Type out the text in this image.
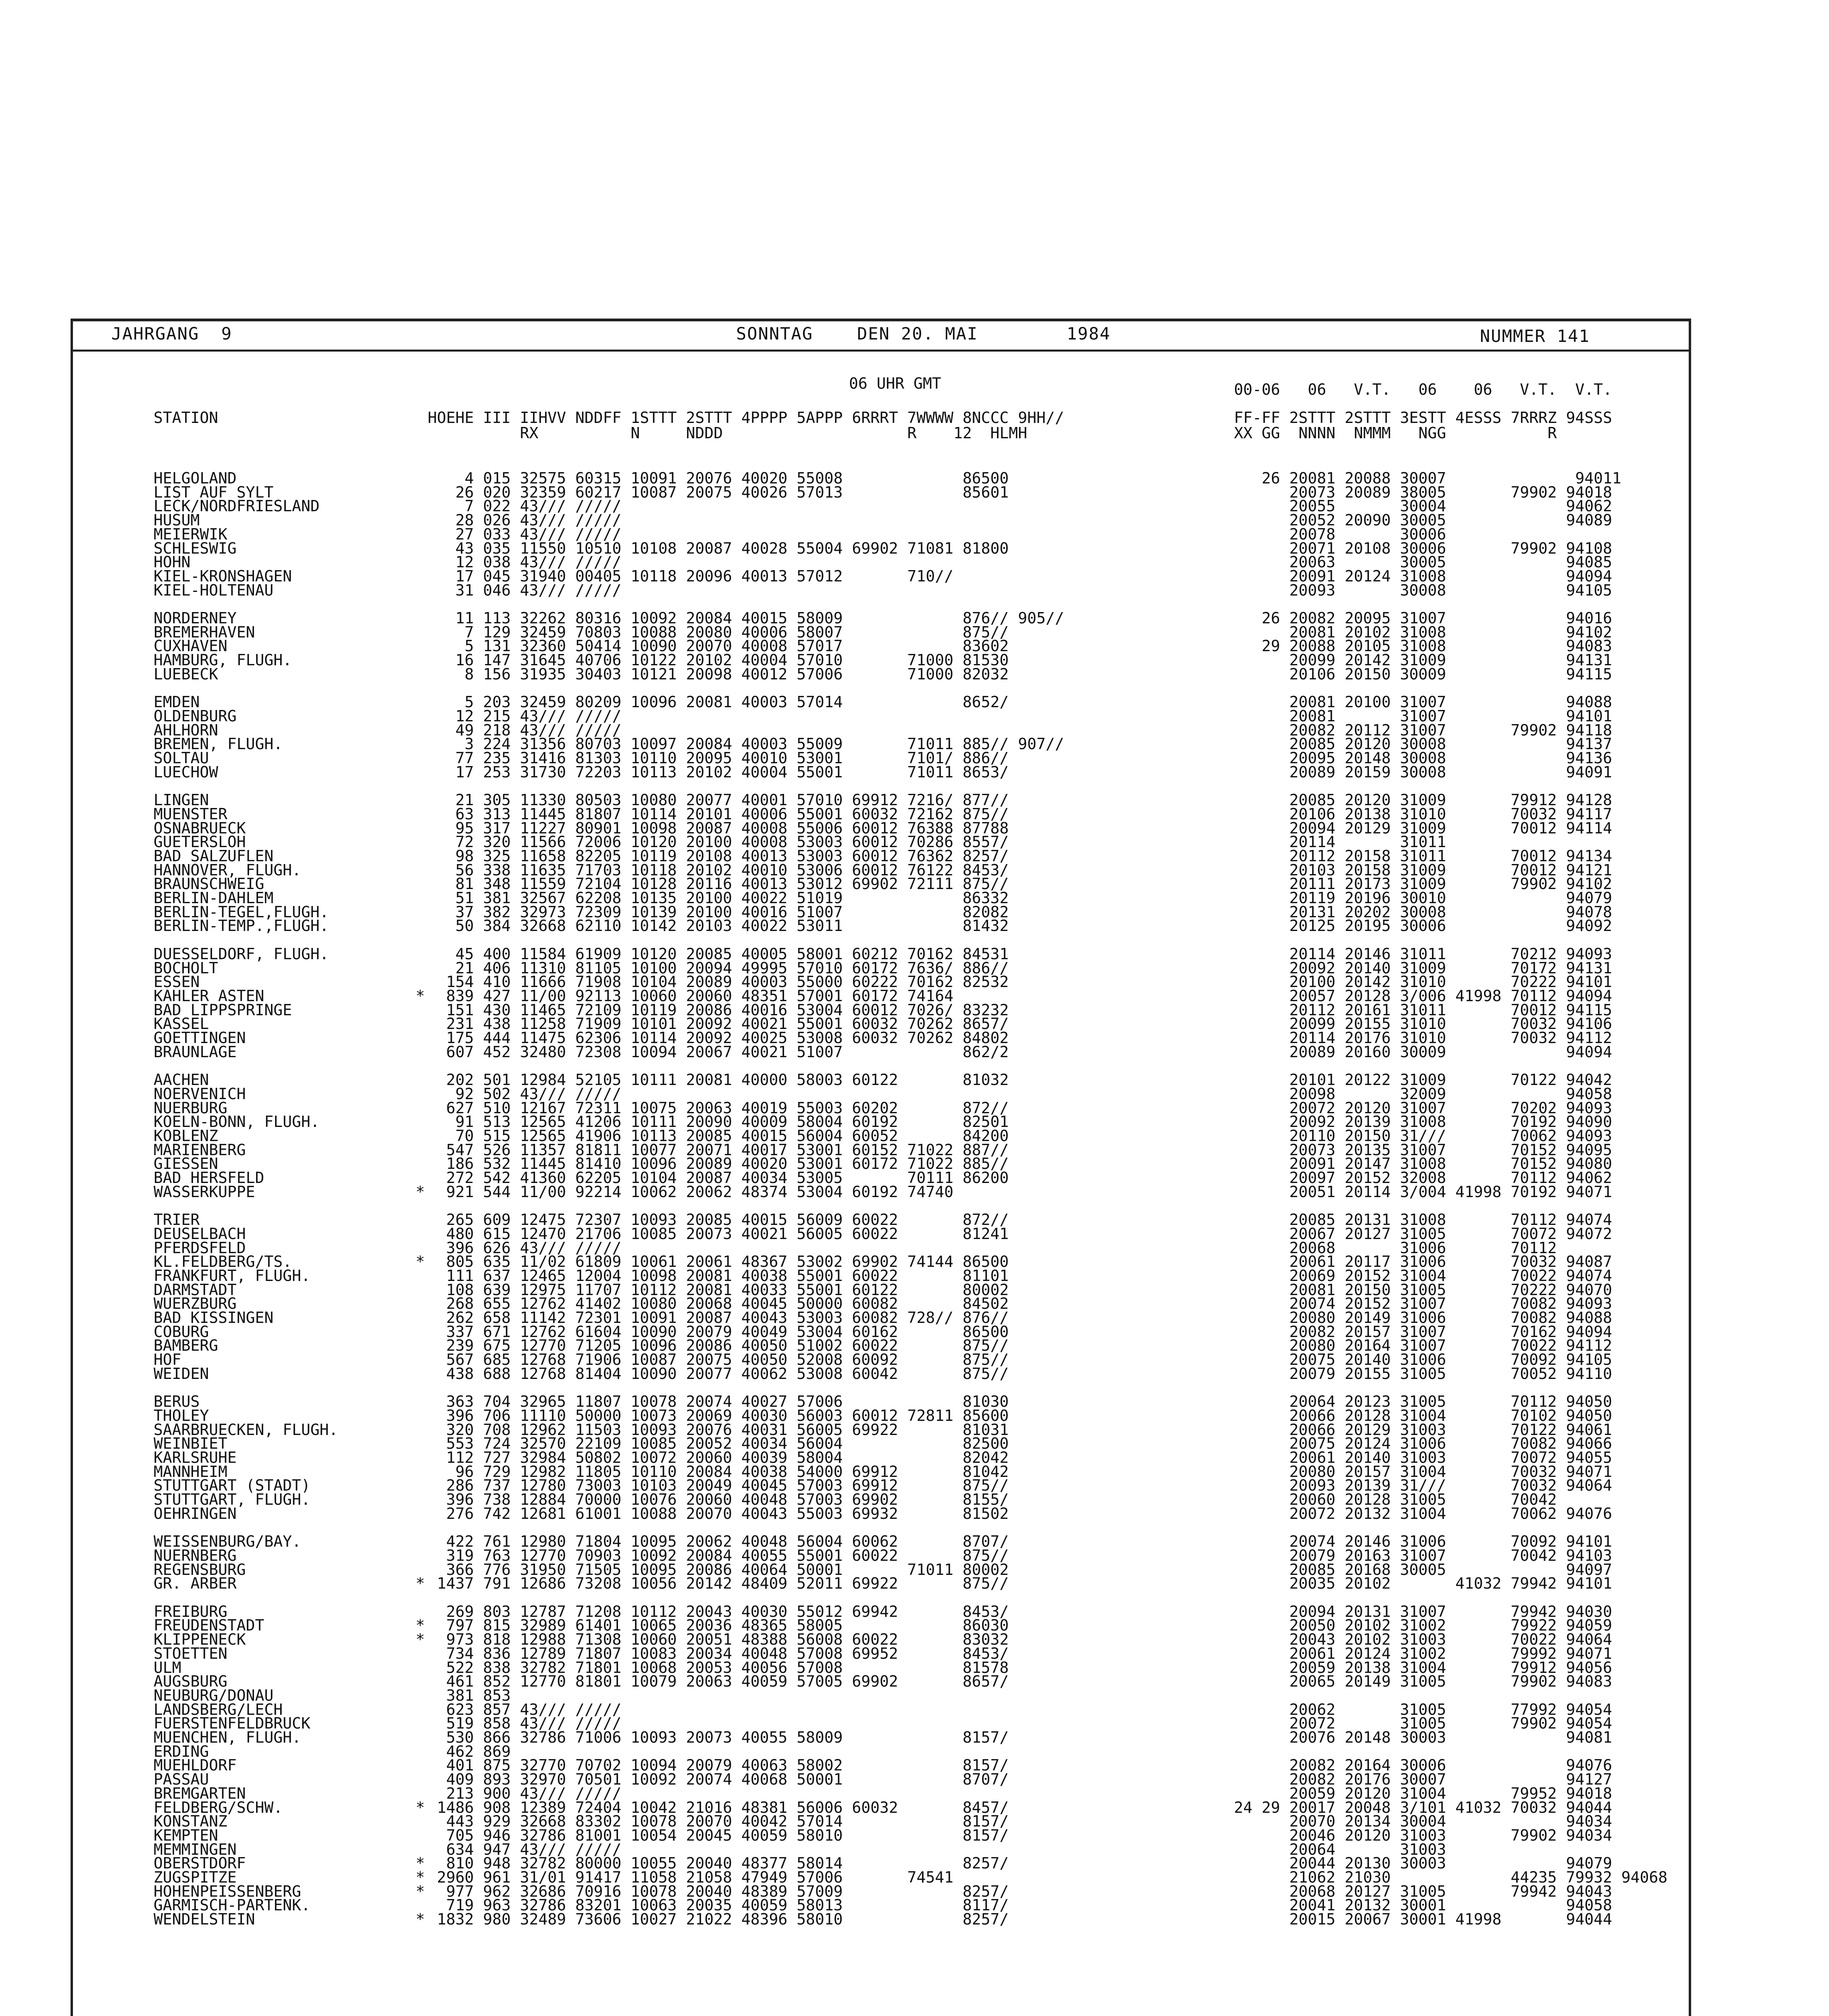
JAHRGANG  9	SONNTAG	DEN 20. MAI	1984	NUMMER 141
06 UHR GMT	00-06   06   V.T.   06    06   V.T.  V.T.
STATION	HOEHE III IIHVV NDDFF 1STTT 2STTT 4PPPP 5APPP 6RRRT 7WWWW 8NCCC 9HH//
RX          N     NDDD                    R    12  HLMH
FF-FF 2STTT 2STTT 3ESTT 4ESSS 7RRRZ 94SSS
XX GG  NNNN  NMMM   NGG           R
HELGOLAND	4 015 32575 60315 10091 20076 40020 55008             86500	26 20081 20088 30007              94011
LIST AUF SYLT	26 020 32359 60217 10087 20075 40026 57013             85601	20073 20089 38005       79902 94018
LECK/NORDFRIESLAND	7 022 43/// /////	20055       30004             94062
HUSUM	28 026 43/// /////	20052 20090 30005             94089
MEIERWIK	27 033 43/// /////	20078       30006
SCHLESWIG	43 035 11550 10510 10108 20087 40028 55004 69902 71081 81800	20071 20108 30006       79902 94108
HOHN	12 038 43/// /////	20063       30005             94085
KIEL-KRONSHAGEN	17 045 31940 00405 10118 20096 40013 57012       710//	20091 20124 31008             94094
KIEL-HOLTENAU	31 046 43/// /////	20093       30008             94105
NORDERNEY	11 113 32262 80316 10092 20084 40015 58009             876// 905//	26 20082 20095 31007             94016
BREMERHAVEN	7 129 32459 70803 10088 20080 40006 58007             875//	20081 20102 31008             94102
CUXHAVEN	5 131 32360 50414 10090 20070 40008 57017             83602	29 20088 20105 31008             94083
HAMBURG, FLUGH.	16 147 31645 40706 10122 20102 40004 57010       71000 81530	20099 20142 31009             94131
LUEBECK	8 156 31935 30403 10121 20098 40012 57006       71000 82032	20106 20150 30009             94115
EMDEN	5 203 32459 80209 10096 20081 40003 57014             8652/	20081 20100 31007             94088
OLDENBURG	12 215 43/// /////	20081       31007             94101
AHLHORN	49 218 43/// /////	20082 20112 31007       79902 94118
BREMEN, FLUGH.	3 224 31356 80703 10097 20084 40003 55009       71011 885// 907//	20085 20120 30008             94137
SOLTAU	77 235 31416 81303 10110 20095 40010 53001       7101/ 886//	20095 20148 30008             94136
LUECHOW	17 253 31730 72203 10113 20102 40004 55001       71011 8653/	20089 20159 30008             94091
LINGEN	21 305 11330 80503 10080 20077 40001 57010 69912 7216/ 877//	20085 20120 31009       79912 94128
MUENSTER	63 313 11445 81807 10114 20101 40006 55001 60032 72162 875//	20106 20138 31010       70032 94117
OSNABRUECK	95 317 11227 80901 10098 20087 40008 55006 60012 76388 87788	20094 20129 31009       70012 94114
GUETERSLOH	72 320 11566 72006 10120 20100 40008 53003 60012 70286 8557/	20114       31011
BAD SALZUFLEN	98 325 11658 82205 10119 20108 40013 53003 60012 76362 8257/	20112 20158 31011       70012 94134
HANNOVER, FLUGH.	56 338 11635 71703 10118 20102 40010 53006 60012 76122 8453/	20103 20158 31009       70012 94121
BRAUNSCHWEIG	81 348 11559 72104 10128 20116 40013 53012 69902 72111 875//	20111 20173 31009       79902 94102
BERLIN-DAHLEM	51 381 32567 62208 10135 20100 40022 51019             86332	20119 20196 30010             94079
BERLIN-TEGEL,FLUGH.	37 382 32973 72309 10139 20100 40016 51007             82082	20131 20202 30008             94078
BERLIN-TEMP.,FLUGH.	50 384 32668 62110 10142 20103 40022 53011             81432	20125 20195 30006             94092
DUESSELDORF, FLUGH.	45 400 11584 61909 10120 20085 40005 58001 60212 70162 84531	20114 20146 31011       70212 94093
BOCHOLT	21 406 11310 81105 10100 20094 49995 57010 60172 7636/ 886//	20092 20140 31009       70172 94131
ESSEN	154 410 11666 71908 10104 20089 40003 55000 60222 70162 82532	20100 20142 31010       70222 94101
KAHLER ASTEN	* 839 427 11/00 92113 10060 20060 48351 57001 60172 74164	20057 20128 3/006 41998 70112 94094
BAD LIPPSPRINGE	151 430 11465 72109 10119 20086 40016 53004 60012 7026/ 83232	20112 20161 31011       70012 94115
KASSEL	231 438 11258 71909 10101 20092 40021 55001 60032 70262 8657/	20099 20155 31010       70032 94106
GOETTINGEN	175 444 11475 62306 10114 20092 40025 53008 60032 70262 84802	20114 20176 31010       70032 94112
BRAUNLAGE	607 452 32480 72308 10094 20067 40021 51007             862/2	20089 20160 30009             94094
AACHEN	202 501 12984 52105 10111 20081 40000 58003 60122       81032	20101 20122 31009       70122 94042
NOERVENICH	92 502 43/// /////	20098       32009             94058
NUERBURG	627 510 12167 72311 10075 20063 40019 55003 60202       872//	20072 20120 31007       70202 94093
KOELN-BONN, FLUGH.	91 513 12565 41206 10111 20090 40009 58004 60192       82501	20092 20139 31008       70192 94090
KOBLENZ	70 515 12565 41906 10113 20085 40015 56004 60052       84200	20110 20150 31///       70062 94093
MARIENBERG	547 526 11357 81811 10077 20071 40017 53001 60152 71022 887//	20073 20135 31007       70152 94095
GIESSEN	186 532 11445 81410 10096 20089 40020 53001 60172 71022 885//	20091 20147 31008       70152 94080
BAD HERSFELD	272 542 41360 62205 10104 20087 40034 53005       70111 86200	20097 20152 32008       70112 94062
WASSERKUPPE	* 921 544 11/00 92214 10062 20062 48374 53004 60192 74740	20051 20114 3/004 41998 70192 94071
TRIER	265 609 12475 72307 10093 20085 40015 56009 60022       872//	20085 20131 31008       70112 94074
DEUSELBACH	480 615 12470 21706 10085 20073 40021 56005 60022       81241	20067 20127 31005       70072 94072
PFERDSFELD	396 626 43/// /////	20068       31006       70112
KL.FELDBERG/TS.	* 805 635 11/02 61809 10061 20061 48367 53002 69902 74144 86500	20061 20117 31006       70032 94087
FRANKFURT, FLUGH.	111 637 12465 12004 10098 20081 40038 55001 60022       81101	20069 20152 31004       70022 94074
DARMSTADT	108 639 12975 11707 10112 20081 40033 55001 60122       80002	20081 20150 31005       70222 94070
WUERZBURG	268 655 12762 41402 10080 20068 40045 50000 60082       84502	20074 20152 31007       70082 94093
BAD KISSINGEN	262 658 11142 72301 10091 20087 40043 53003 60082 728// 876//	20080 20149 31006       70082 94088
COBURG	337 671 12762 61604 10090 20079 40049 53004 60162       86500	20082 20157 31007       70162 94094
BAMBERG	239 675 12770 71205 10096 20086 40050 51002 60022       875//	20080 20164 31007       70022 94112
HOF	567 685 12768 71906 10087 20075 40050 52008 60092       875//	20075 20140 31006       70092 94105
WEIDEN	438 688 12768 81404 10090 20077 40062 53008 60042       875//	20079 20155 31005       70052 94110
BERUS	363 704 32965 11807 10078 20074 40027 57006             81030	20064 20123 31005       70112 94050
THOLEY	396 706 11110 50000 10073 20069 40030 56003 60012 72811 85600	20066 20128 31004       70102 94050
SAARBRUECKEN, FLUGH.	320 708 12962 11503 10093 20076 40031 56005 69922       81031	20066 20129 31003       70122 94061
WEINBIET	553 724 32570 22109 10085 20052 40034 56004             82500	20075 20124 31006       70082 94066
KARLSRUHE	112 727 32984 50802 10072 20060 40039 58004             82042	20061 20140 31003       70072 94055
MANNHEIM	96 729 12982 11805 10110 20084 40038 54000 69912       81042	20080 20157 31004       70032 94071
STUTTGART (STADT)	286 737 12780 73003 10103 20049 40045 57003 69912       875//	20093 20139 31///       70032 94064
STUTTGART, FLUGH.	396 738 12884 70000 10076 20060 40048 57003 69902       8155/	20060 20128 31005       70042
OEHRINGEN	276 742 12681 61001 10088 20070 40043 55003 69932       81502	20072 20132 31004       70062 94076
WEISSENBURG/BAY.	422 761 12980 71804 10095 20062 40048 56004 60062       8707/	20074 20146 31006       70092 94101
NUERNBERG	319 763 12770 70903 10092 20084 40055 55001 60022       875//	20079 20163 31007       70042 94103
REGENSBURG	366 776 31950 71505 10095 20086 40064 50001       71011 80002	20085 20168 30005             94097
GR. ARBER	* 1437 791 12686 73208 10056 20142 48409 52011 69922       875//	20035 20102       41032 79942 94101
FREIBURG	269 803 12787 71208 10112 20043 40030 55012 69942       8453/	20094 20131 31007       79942 94030
FREUDENSTADT	* 797 815 32989 61401 10065 20036 48365 58005             86030	20050 20102 31002       79922 94059
KLIPPENECK	* 973 818 12988 71308 10060 20051 48388 56008 60022       83032	20043 20102 31003       70022 94064
STOETTEN	734 836 12789 71807 10083 20034 40048 57008 69952       8453/	20061 20124 31002       79992 94071
ULM	522 838 32782 71801 10068 20053 40056 57008             81578	20059 20138 31004       79912 94056
AUGSBURG	461 852 12770 81801 10079 20063 40059 57005 69902       8657/	20065 20149 31005       79902 94083
NEUBURG/DONAU	381 853
LANDSBERG/LECH	623 857 43/// /////	20062       31005       77992 94054
FUERSTENFELDBRUCK	519 858 43/// /////	20072       31005       79902 94054
MUENCHEN, FLUGH.	530 866 32786 71006 10093 20073 40055 58009             8157/	20076 20148 30003             94081
ERDING	462 869
MUEHLDORF	401 875 32770 70702 10094 20079 40063 58002             8157/	20082 20164 30006             94076
PASSAU	409 893 32970 70501 10092 20074 40068 50001             8707/	20082 20176 30007             94127
BREMGARTEN	213 900 43/// /////	20059 20120 31004       79952 94018
FELDBERG/SCHW.	* 1486 908 12389 72404 10042 21016 48381 56006 60032       8457/	24 29 20017 20048 3/101 41032 70032 94044
KONSTANZ	443 929 32668 83302 10078 20070 40042 57014             8157/	20070 20134 30004             94034
KEMPTEN	705 946 32786 81001 10054 20045 40059 58010             8157/	20046 20120 31003       79902 94034
MEMMINGEN	634 947 43/// /////	20064       31003
OBERSTDORF	* 810 948 32782 80000 10055 20040 48377 58014             8257/	20044 20130 30003             94079
ZUGSPITZE	* 2960 961 31/01 91417 11058 21058 47949 57006       74541	21062 21030             44235 79932 94068
HOHENPEISSENBERG	* 977 962 32686 70916 10078 20040 48389 57009             8257/	20068 20127 31005       79942 94043
GARMISCH-PARTENK.	719 963 32786 83201 10063 20035 40059 58013             8117/	20041 20132 30001             94058
WENDELSTEIN	* 1832 980 32489 73606 10027 21022 48396 58010             8257/	20015 20067 30001 41998       94044
